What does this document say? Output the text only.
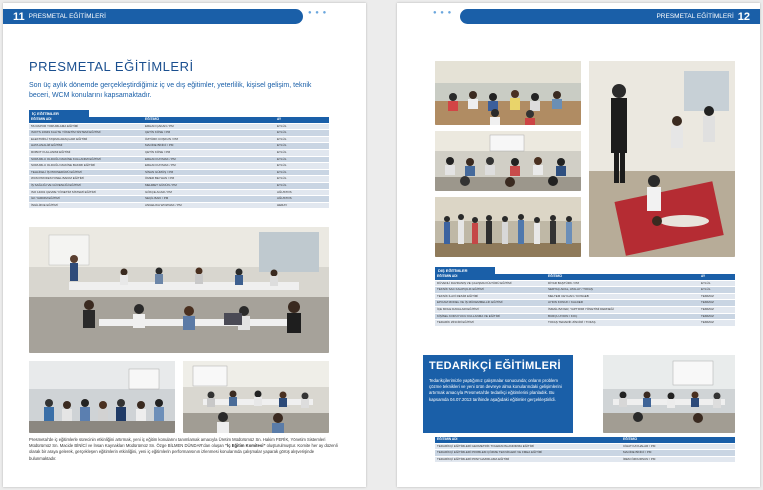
11 PRESMETAL EĞİTİMLERİ	● ● ●
PRESMETAL EĞİTİMLERİ
Son üç aylık dönemde gerçekleştirdiğimiz iç ve dış eğitimler, yeterlilik, kişisel gelişim, teknik beceri, WCM konularını kapsamaktadır.
İÇ EĞİTİMLER
EĞİTİMİN ADI	EĞİTİMCİ	AY
5S RAPOR YORUMLAMA EĞİTİMİ	ERHAN ÇAKAN / PM	EYLÜL
ISO/TS 16949 KALİTE YÖNETİM SİSTEMİ EĞİTİMİ	ÇETİN KÖSE / PM	EYLÜL
ELEKTRİKLİ TAŞIMA ARAÇLARI EĞİTİMİ	ÖZTÜRK COŞKUN / PM	EYLÜL
HATA ANALİZİ EĞİTİMİ	MACİDE BİNİCİ / PM	EYLÜL
ROBOT KULLANIMI EĞİTİMİ	ÇETİN KÖSE / PM	EYLÜL
SORUMLU OLDUĞU MAKİNE KULLANIMI EĞİTİMİ	ERHAN KAYMAK / PM	EYLÜL
SORUMLU OLDUĞU MAKİNE BAKIMI EĞİTİMİ	ERHAN KAYMAK / PM	EYLÜL
TEHLİKELİ İŞ PROSEDÜRÜ EĞİTİMİ	SİNAN GÜMÜŞ / PM	EYLÜL
WCM PROFESYONEL BAKIM EĞİTİMİ	ÖMER BEYHAN / PM	EYLÜL
İŞ SAĞLIĞI VE GÜVENLİĞİ EĞİTİMİ	MEHMET GÜNÜN / PM	EYLÜL
ISO 14001 ÇEVRE YÖNETİM SİSTEMİ EĞİTİMİ	GÖKÇE ACAR / PM	AĞUSTOS
İLK YARDIM EĞİTİMİ	SEÇİL BAKI / PM	AĞUSTOS
İNGİLİZCE EĞİTİMİ	ANGELIKA WOZNIAK / PM	HERAY
Presmetal’de iç eğitimlerle sürecinin etkinliğini artırmak, yeni iç eğitim konularını tanımlamak amacıyla Üretim Müdürümüz Sn. Hakim FERİK, Yönetim Sistemleri Müdürümüz Sn. Macide BİNİCİ ve İnsan Kaynakları Müdürümüz Sn. Özge BİLMEN DÜNDAR’dan oluşan “İç Eğitim Komitesi” oluşturulmuştur. Komite her ay düzenli olarak bir araya gelerek, gerçekleşen eğitimlerin etkinliğini, yeni iç eğitimlerin performansının izlenmesi konularında çalışmalar yaparak görüş alışverişinde bulunmaktadır.
● ● ●	PRESMETAL EĞİTİMLERİ 12
DIŞ EĞİTİMLER
EĞİTİMİN ADI	EĞİTİMCİ	AY
DÜVENLİ DAVRANIŞ VE ÇALIŞMA KÜLTÜRÜ EĞİTİMİ	DİYAR BAŞTÜRK / PM	EYLÜL
TEKNİK SAC KALIPÇILIK EĞİTİMİ	SERTAÇ ARAL, ATALAY / TOFAŞ	EYLÜL
TEKNİK İLAVİ RESİM EĞİTİMİ	MELTEM CEYHAN / KOSGEB	TEMMUZ
EPOAM MODEL VE İŞ MÜKEMMELLİK EĞİTİMİ	AYDIN KONUK / KALDER	TEMMUZ
İÇE MOLE DAVALARI EĞİTİMİ	İSMAİL BAYER, YAPTIRIM YÖNETİMİ DERNEĞİ	TEMMUZ
KİŞİSEL KORUYUCU KULLANMA VE EĞİTİMİ	BURÇU AYDIN / KOÇ	TEMMUZ
TEDARİK ZİNCİRİ EĞİTİMİ	TOFAŞ TEDARİK ZİNCİRİ / TOFAŞ	TEMMUZ
TEDARİKÇİ EĞİTİMLERİ
Tedarikçilerimizle yaptığımız çalışmalar sonucunda; onların problem çözme teknikleri ve yeni ürün devreye alma konularındaki gelişimlerini artırmak amacıyla Presmetal’de tedarikçi eğitimlerini planladık. Bu kapsamda 04.07.2013 tarihinde aşağıdaki eğitimler gerçekleştirildi.
EĞİTİMİN ADI	EĞİTİMCİ
TEDARİKÇİ EĞİTİMLERİ GEOMETRİK TOLERANSLANDIRMA EĞİTİMİ	CİHAT KAYHALAR / PM
TEDARİKÇİ EĞİTİMLERİ PROBLEM ÇÖZME TEKNİKLERİ VE FMEA EĞİTİMİ	MACİDE BİNİCİ / PM
TEDARİKÇİ EĞİTİMLERİ PPAP HAZIRLAMA EĞİTİMİ	İREM ÖZDURSUN / PM
